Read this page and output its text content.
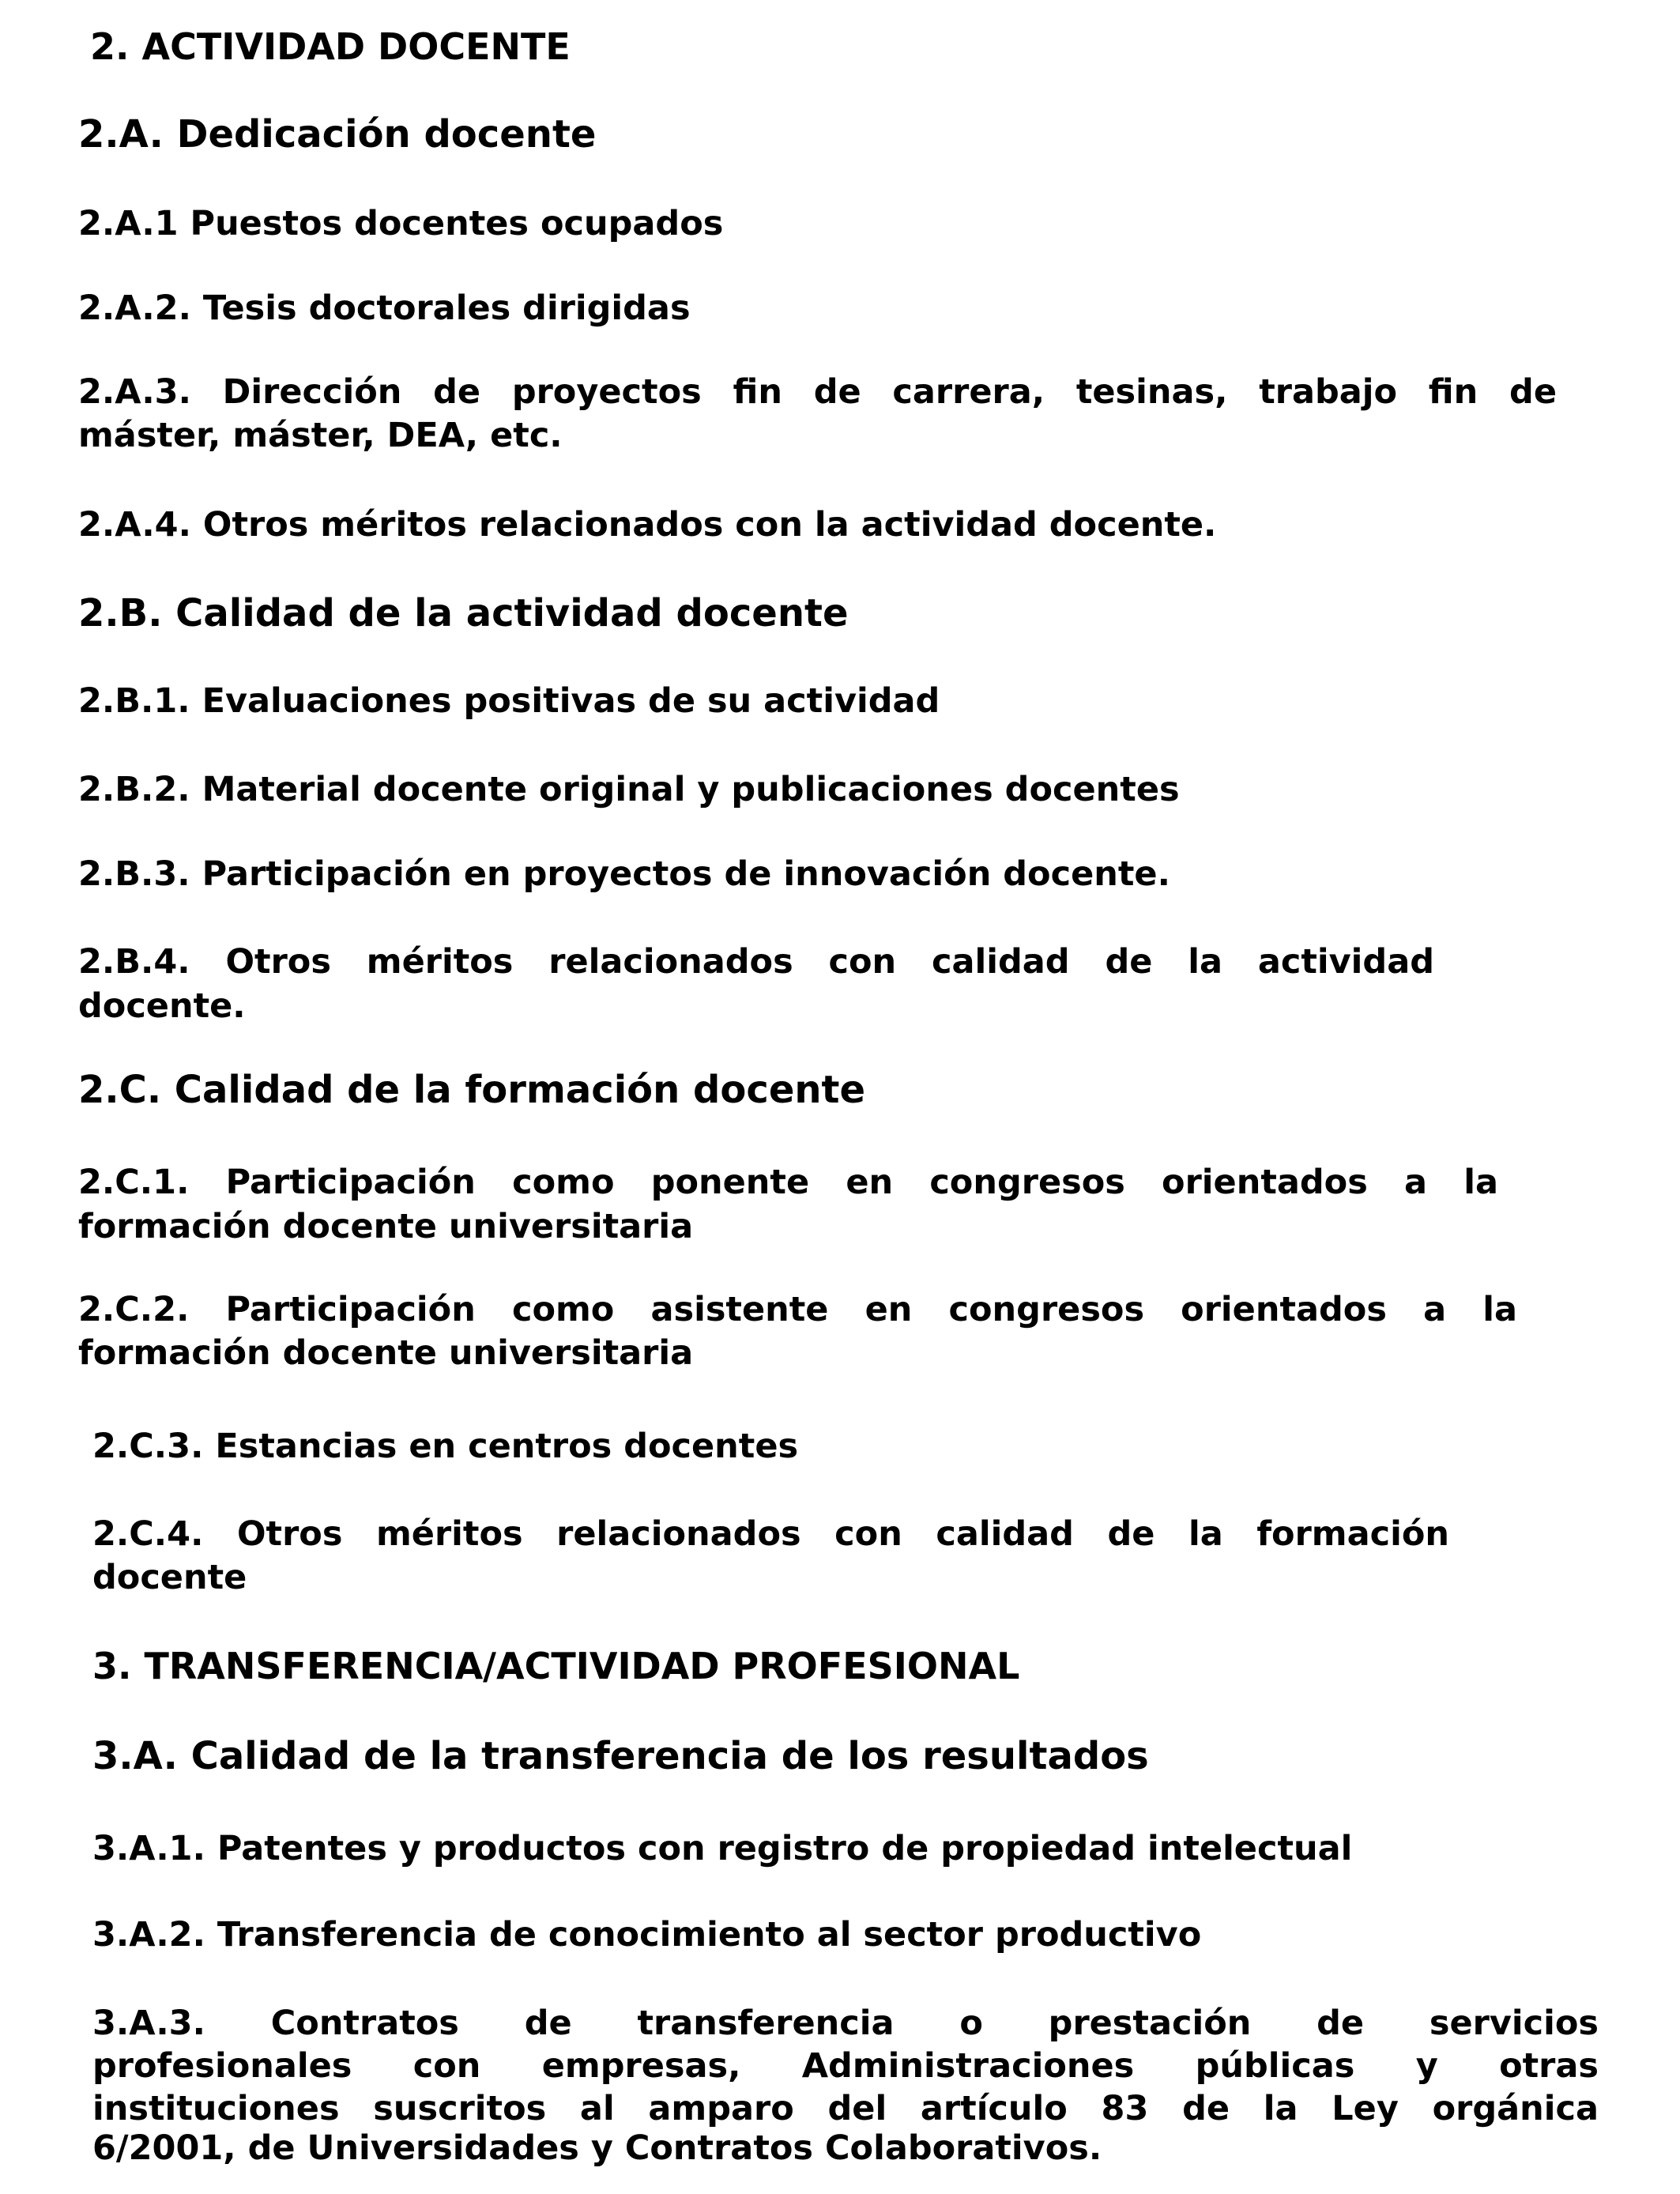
2. ACTIVIDAD DOCENTE

2.A. Dedicación docente

2.A.1 Puestos docentes ocupados

2.A.2. Tesis doctorales dirigidas

2.A.3. Dirección de proyectos fin de carrera, tesinas, trabajo fin de

máster, máster, DEA, etc.

2.A.4. Otros méritos relacionados con la actividad docente.

2.B. Calidad de la actividad docente

2.B.1. Evaluaciones positivas de su actividad

2.B.2. Material docente original y publicaciones docentes

2.B.3. Participación en proyectos de innovación docente.

2.B.4. Otros méritos relacionados con calidad de la actividad

docente.

2.C. Calidad de la formación docente

2.C.1. Participación como ponente en congresos orientados a la

formación docente universitaria

2.C.2. Participación como asistente en congresos orientados a la

formación docente universitaria

2.C.3. Estancias en centros docentes

2.C.4. Otros méritos relacionados con calidad de la formación

docente

3. TRANSFERENCIA/ACTIVIDAD PROFESIONAL

3.A. Calidad de la transferencia de los resultados

3.A.1. Patentes y productos con registro de propiedad intelectual

3.A.2. Transferencia de conocimiento al sector productivo

3.A.3. Contratos de transferencia o prestación de servicios

profesionales con empresas, Administraciones públicas y otras

instituciones suscritos al amparo del artículo 83 de la Ley orgánica

6/2001, de Universidades y Contratos Colaborativos.
